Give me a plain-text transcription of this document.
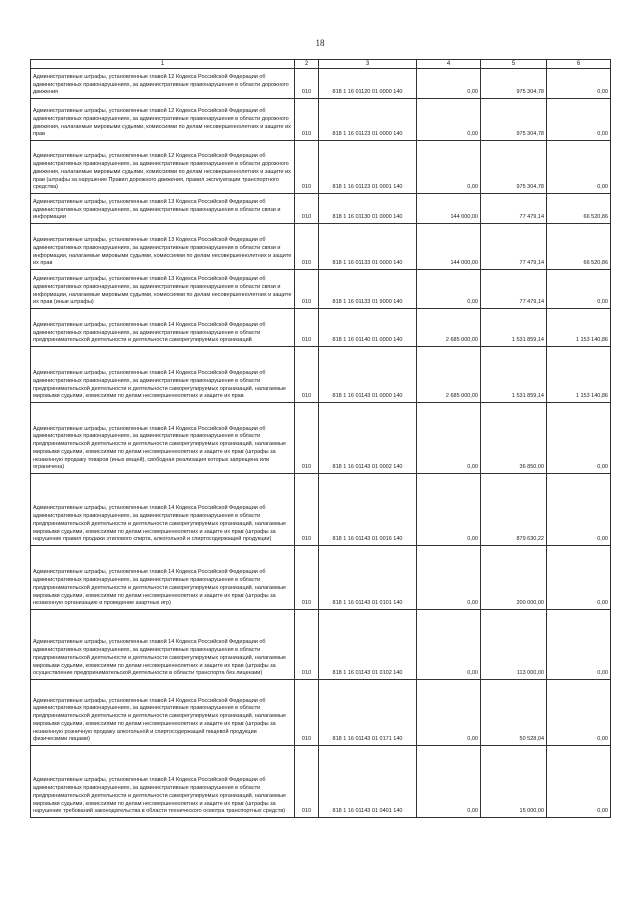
18
1	2	3	4	5	6
Административные штрафы, установленные главой 12 Кодекса Российской Федерации об административных правонарушениях, за административные правонарушения в области дорожного движения	010	818 1 16 01120 01 0000 140	0,00	975 304,78	0,00
Административные штрафы, установленные главой 12 Кодекса Российской Федерации об административных правонарушениях, за административные правонарушения в области дорожного движения, налагаемые мировыми судьями, комиссиями по делам несовершеннолетних и защите их прав	010	818 1 16 01123 01 0000 140	0,00	975 304,78	0,00
Административные штрафы, установленные главой 12 Кодекса Российской Федерации об административных правонарушениях, за административные правонарушения в области дорожного движения, налагаемые мировыми судьями, комиссиями по делам несовершеннолетних и защите их прав (штрафы за нарушение Правил дорожного движения, правил эксплуатации транспортного средства)	010	818 1 16 01123 01 0001 140	0,00	975 304,78	0,00
Административные штрафы, установленные главой 13 Кодекса Российской Федерации об административных правонарушениях, за административные правонарушения в области связи и информации	010	818 1 16 01130 01 0000 140	144 000,00	77 479,14	66 520,86
Административные штрафы, установленные главой 13 Кодекса Российской Федерации об административных правонарушениях, за административные правонарушения в области связи и информации, налагаемые мировыми судьями, комиссиями по делам несовершеннолетних и защите их прав	010	818 1 16 01133 01 0000 140	144 000,00	77 479,14	66 520,86
Административные штрафы, установленные главой 13 Кодекса Российской Федерации об административных правонарушениях, за административные правонарушения в области связи и информации, налагаемые мировыми судьями, комиссиями по делам несовершеннолетних и защите их прав (иные штрафы)	010	818 1 16 01133 01 9000 140	0,00	77 479,14	0,00
Административные штрафы, установленные главой 14 Кодекса Российской Федерации об административных правонарушениях, за административные правонарушения в области предпринимательской деятельности и деятельности саморегулируемых организаций	010	818 1 16 01140 01 0000 140	2 685 000,00	1 531 859,14	1 153 140,86
Административные штрафы, установленные главой 14 Кодекса Российской Федерации об административных правонарушениях, за административные правонарушения в области предпринимательской деятельности и деятельности саморегулируемых организаций, налагаемые мировыми судьями, комиссиями по делам несовершеннолетних и защите их прав	010	818 1 16 01143 01 0000 140	2 685 000,00	1 531 859,14	1 153 140,86
Административные штрафы, установленные главой 14 Кодекса Российской Федерации об административных правонарушениях, за административные правонарушения в области предпринимательской деятельности и деятельности саморегулируемых организаций, налагаемые мировыми судьями, комиссиями по делам несовершеннолетних и защите их прав (штрафы за незаконную продажу товаров (иных вещей), свободная реализация которых запрещена или ограничена)	010	818 1 16 01143 01 0002 140	0,00	36 850,00	0,00
Административные штрафы, установленные главой 14 Кодекса Российской Федерации об административных правонарушениях, за административные правонарушения в области предпринимательской деятельности и деятельности саморегулируемых организаций, налагаемые мировыми судьями, комиссиями по делам несовершеннолетних и защите их прав (штрафы за нарушение правил продажи этилового спирта, алкогольной и спиртосодержащей продукции)	010	818 1 16 01143 01 0016 140	0,00	879 630,22	0,00
Административные штрафы, установленные главой 14 Кодекса Российской Федерации об административных правонарушениях, за административные правонарушения в области предпринимательской деятельности и деятельности саморегулируемых организаций, налагаемые мировыми судьями, комиссиями по делам несовершеннолетних и защите их прав (штрафы за незаконную организацию и проведение азартных игр)	010	818 1 16 01143 01 0101 140	0,00	200 000,00	0,00
Административные штрафы, установленные главой 14 Кодекса Российской Федерации об административных правонарушениях, за административные правонарушения в области предпринимательской деятельности и деятельности саморегулируемых организаций, налагаемые мировыми судьями, комиссиями по делам несовершеннолетних и защите их прав (штрафы за осуществление предпринимательской деятельности в области транспорта без лицензии)	010	818 1 16 01143 01 0102 140	0,00	113 000,00	0,00
Административные штрафы, установленные главой 14 Кодекса Российской Федерации об административных правонарушениях, за административные правонарушения в области предпринимательской деятельности и деятельности саморегулируемых организаций, налагаемые мировыми судьями, комиссиями по делам несовершеннолетних и защите их прав (штрафы за незаконную розничную продажу алкогольной и спиртосодержащей пищевой продукции физическими лицами)	010	818 1 16 01143 01 0171 140	0,00	50 528,04	0,00
Административные штрафы, установленные главой 14 Кодекса Российской Федерации об административных правонарушениях, за административные правонарушения в области предпринимательской деятельности и деятельности саморегулируемых организаций, налагаемые мировыми судьями, комиссиями по делам несовершеннолетних и защите их прав (штрафы за нарушение требований законодательства в области технического осмотра транспортных средств)	010	818 1 16 01143 01 0401 140	0,00	15 000,00	0,00
